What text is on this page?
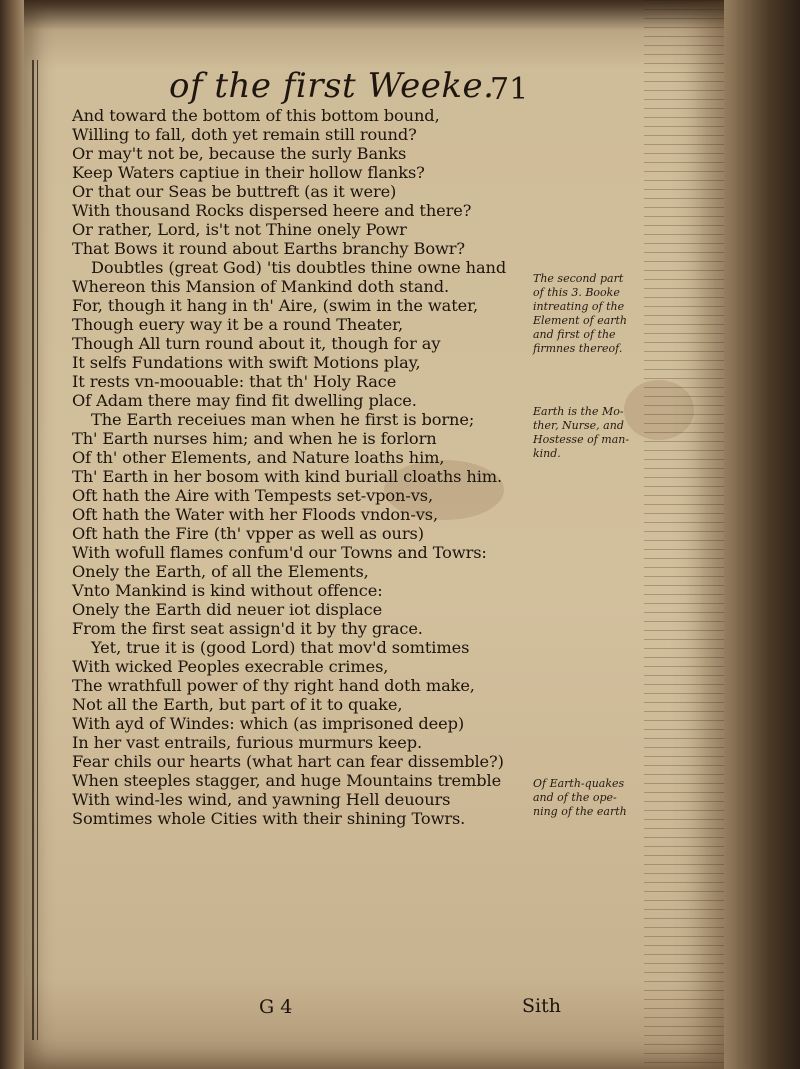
of the first Weeke.
71
And toward the bottom of this bottom bound,
Willing to fall, doth yet remain still round?
Or may't not be, because the surly Banks
Keep Waters captiue in their hollow flanks?
Or that our Seas be buttreft (as it were)
With thousand Rocks dispersed heere and there?
Or rather, Lord, is't not Thine onely Powr
That Bows it round about Earths branchy Bowr?
Doubtles (great God) 'tis doubtles thine owne hand
Whereon this Mansion of Mankind doth stand.
For, though it hang in th' Aire, (swim in the water,
Though euery way it be a round Theater,
Though All turn round about it, though for ay
It selfs Fundations with swift Motions play,
It rests vn-moouable: that th' Holy Race
Of Adam there may find fit dwelling place.
The Earth receiues man when he first is borne;
Th' Earth nurses him; and when he is forlorn
Of th' other Elements, and Nature loaths him,
Th' Earth in her bosom with kind buriall cloaths him.
Oft hath the Aire with Tempests set-vpon-vs,
Oft hath the Water with her Floods vndon-vs,
Oft hath the Fire (th' vpper as well as ours)
With wofull flames confum'd our Towns and Towrs:
Onely the Earth, of all the Elements,
Vnto Mankind is kind without offence:
Onely the Earth did neuer iot displace
From the first seat assign'd it by thy grace.
Yet, true it is (good Lord) that mov'd somtimes
With wicked Peoples execrable crimes,
The wrathfull power of thy right hand doth make,
Not all the Earth, but part of it to quake,
With ayd of Windes: which (as imprisoned deep)
In her vast entrails, furious murmurs keep.
Fear chils our hearts (what hart can fear dissemble?)
When steeples stagger, and huge Mountains tremble
With wind-les wind, and yawning Hell deuours
Somtimes whole Cities with their shining Towrs.
The second part
of this 3. Booke
intreating of the
Element of earth
and first of the
firmnes thereof.
Earth is the Mo-
ther, Nurse, and
Hostesse of man-
kind.
Of Earth-quakes
and of the ope-
ning of the earth
G 4	Sith
